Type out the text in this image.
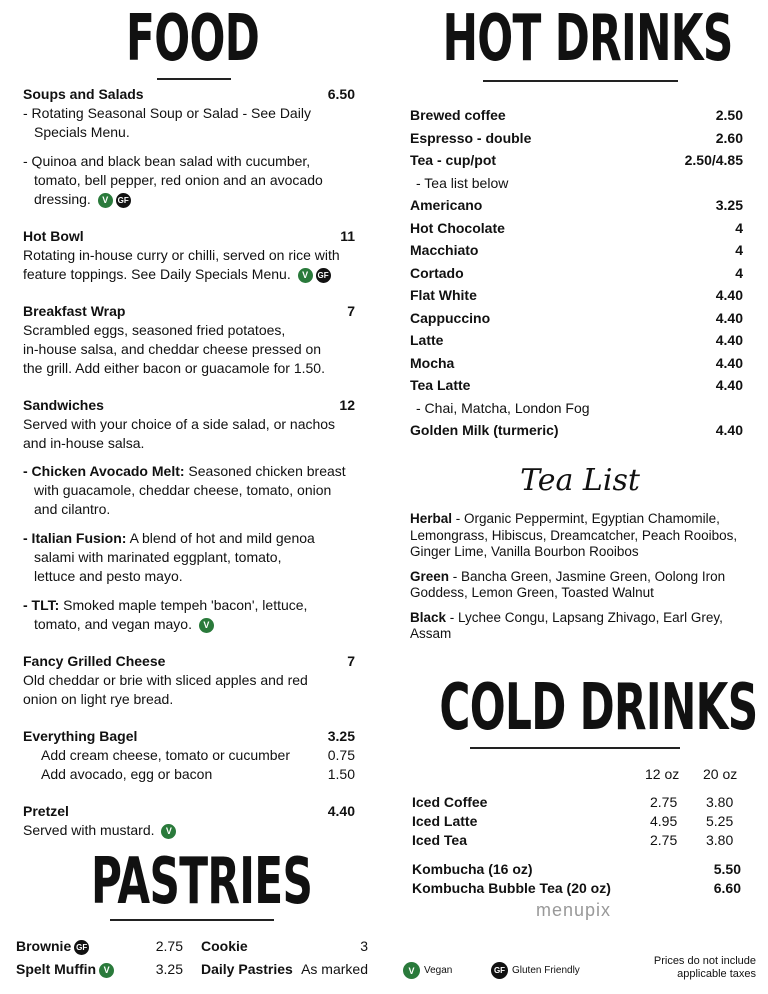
FOOD
Soups and Salads	6.50
- Rotating Seasonal Soup or Salad - See Daily
Specials Menu.
- Quinoa and black bean salad with cucumber,
tomato, bell pepper, red onion and an avocado
dressing. V GF
Hot Bowl	11
Rotating in-house curry or chilli, served on rice with
feature toppings. See Daily Specials Menu. V GF
Breakfast Wrap	7
Scrambled eggs, seasoned fried potatoes,
in-house salsa, and cheddar cheese pressed on
the grill. Add either bacon or guacamole for 1.50.
Sandwiches	12
Served with your choice of a side salad, or nachos
and in-house salsa.
- Chicken Avocado Melt: Seasoned chicken breast
with guacamole, cheddar cheese, tomato, onion
and cilantro.
- Italian Fusion: A blend of hot and mild genoa
salami with marinated eggplant, tomato,
lettuce and pesto mayo.
- TLT: Smoked maple tempeh 'bacon', lettuce,
tomato, and vegan mayo. V
Fancy Grilled Cheese	7
Old cheddar or brie with sliced apples and red
onion on light rye bread.
Everything Bagel	3.25
Add cream cheese, tomato or cucumber	0.75
Add avocado, egg or bacon	1.50
Pretzel	4.40
Served with mustard. V
PASTRIES
Brownie GF	2.75
Spelt Muffin V	3.25
Cookie	3
Daily Pastries As marked
HOT DRINKS
Brewed coffee	2.50
Espresso - double	2.60
Tea - cup/pot	2.50/4.85
- Tea list below
Americano	3.25
Hot Chocolate	4
Macchiato	4
Cortado	4
Flat White	4.40
Cappuccino	4.40
Latte	4.40
Mocha	4.40
Tea Latte	4.40
- Chai, Matcha, London Fog
Golden Milk (turmeric)	4.40
Tea List
Herbal - Organic Peppermint, Egyptian Chamomile,
Lemongrass, Hibiscus, Dreamcatcher, Peach Rooibos,
Ginger Lime, Vanilla Bourbon Rooibos
Green - Bancha Green, Jasmine Green, Oolong Iron
Goddess, Lemon Green, Toasted Walnut
Black - Lychee Congu, Lapsang Zhivago, Earl Grey,
Assam
COLD DRINKS
12 oz 20 oz
Iced Coffee	2.75 3.80
Iced Latte	4.95 5.25
Iced Tea	2.75 3.80
Kombucha (16 oz)	5.50
Kombucha Bubble Tea (20 oz)	6.60
menupix
V Vegan	GF Gluten Friendly
Prices do not include
applicable taxes
